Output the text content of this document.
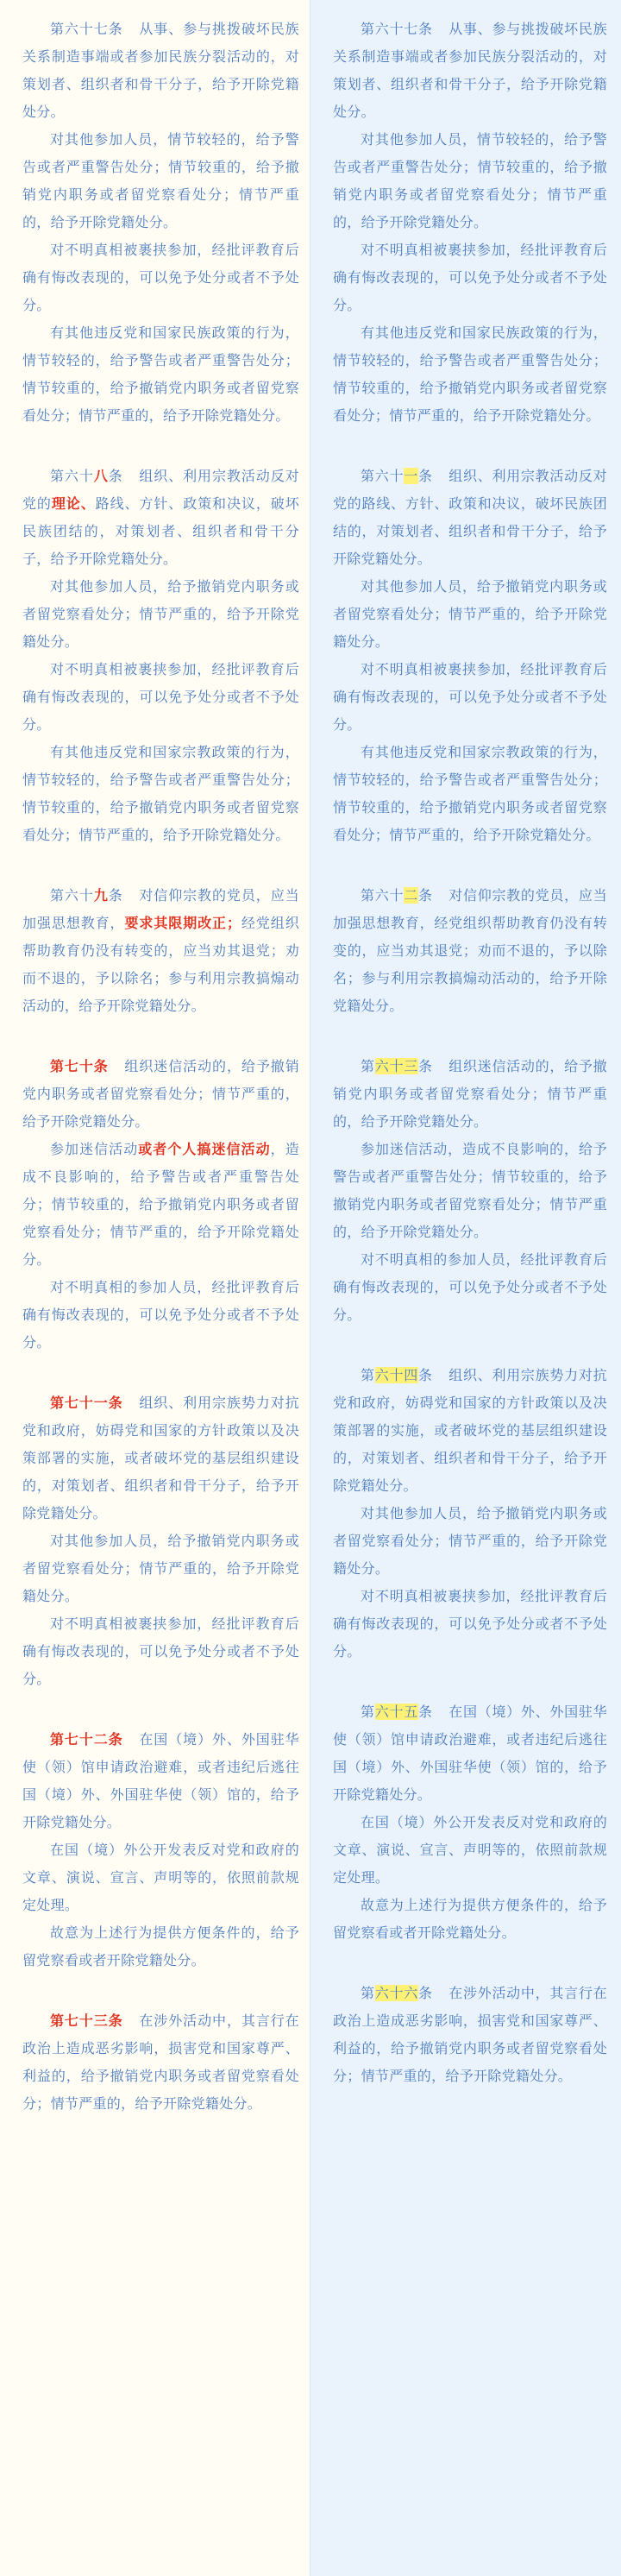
第六十七条 从事、参与挑拨破坏民族关系制造事端或者参加民族分裂活动的，对策划者、组织者和骨干分子，给予开除党籍处分。

对其他参加人员，情节较轻的，给予警告或者严重警告处分；情节较重的，给予撤销党内职务或者留党察看处分；情节严重的，给予开除党籍处分。

对不明真相被裹挟参加，经批评教育后确有悔改表现的，可以免予处分或者不予处分。

有其他违反党和国家民族政策的行为，情节较轻的，给予警告或者严重警告处分；情节较重的，给予撤销党内职务或者留党察看处分；情节严重的，给予开除党籍处分。

第六十八条 组织、利用宗教活动反对党的理论、路线、方针、政策和决议，破坏民族团结的，对策划者、组织者和骨干分子，给予开除党籍处分。

对其他参加人员，给予撤销党内职务或者留党察看处分；情节严重的，给予开除党籍处分。

对不明真相被裹挟参加，经批评教育后确有悔改表现的，可以免予处分或者不予处分。

有其他违反党和国家宗教政策的行为，情节较轻的，给予警告或者严重警告处分；情节较重的，给予撤销党内职务或者留党察看处分；情节严重的，给予开除党籍处分。

第六十九条 对信仰宗教的党员，应当加强思想教育，要求其限期改正；经党组织帮助教育仍没有转变的，应当劝其退党；劝而不退的，予以除名；参与利用宗教搞煽动活动的，给予开除党籍处分。

第七十条 组织迷信活动的，给予撤销党内职务或者留党察看处分；情节严重的，给予开除党籍处分。

参加迷信活动或者个人搞迷信活动，造成不良影响的，给予警告或者严重警告处分；情节较重的，给予撤销党内职务或者留党察看处分；情节严重的，给予开除党籍处分。

对不明真相的参加人员，经批评教育后确有悔改表现的，可以免予处分或者不予处分。

第七十一条 组织、利用宗族势力对抗党和政府，妨碍党和国家的方针政策以及决策部署的实施，或者破坏党的基层组织建设的，对策划者、组织者和骨干分子，给予开除党籍处分。

对其他参加人员，给予撤销党内职务或者留党察看处分；情节严重的，给予开除党籍处分。

对不明真相被裹挟参加，经批评教育后确有悔改表现的，可以免予处分或者不予处分。

第七十二条 在国（境）外、外国驻华使（领）馆申请政治避难，或者违纪后逃往国（境）外、外国驻华使（领）馆的，给予开除党籍处分。

在国（境）外公开发表反对党和政府的文章、演说、宣言、声明等的，依照前款规定处理。

故意为上述行为提供方便条件的，给予留党察看或者开除党籍处分。

第七十三条 在涉外活动中，其言行在政治上造成恶劣影响，损害党和国家尊严、利益的，给予撤销党内职务或者留党察看处分；情节严重的，给予开除党籍处分。

第六十七条 从事、参与挑拨破坏民族关系制造事端或者参加民族分裂活动的，对策划者、组织者和骨干分子，给予开除党籍处分。

对其他参加人员，情节较轻的，给予警告或者严重警告处分；情节较重的，给予撤销党内职务或者留党察看处分；情节严重的，给予开除党籍处分。

对不明真相被裹挟参加，经批评教育后确有悔改表现的，可以免予处分或者不予处分。

有其他违反党和国家民族政策的行为，情节较轻的，给予警告或者严重警告处分；情节较重的，给予撤销党内职务或者留党察看处分；情节严重的，给予开除党籍处分。

第六十一条 组织、利用宗教活动反对党的路线、方针、政策和决议，破坏民族团结的，对策划者、组织者和骨干分子，给予开除党籍处分。

对其他参加人员，给予撤销党内职务或者留党察看处分；情节严重的，给予开除党籍处分。

对不明真相被裹挟参加，经批评教育后确有悔改表现的，可以免予处分或者不予处分。

有其他违反党和国家宗教政策的行为，情节较轻的，给予警告或者严重警告处分；情节较重的，给予撤销党内职务或者留党察看处分；情节严重的，给予开除党籍处分。

第六十二条 对信仰宗教的党员，应当加强思想教育，经党组织帮助教育仍没有转变的，应当劝其退党；劝而不退的，予以除名；参与利用宗教搞煽动活动的，给予开除党籍处分。

第六十三条 组织迷信活动的，给予撤销党内职务或者留党察看处分；情节严重的，给予开除党籍处分。

参加迷信活动，造成不良影响的，给予警告或者严重警告处分；情节较重的，给予撤销党内职务或者留党察看处分；情节严重的，给予开除党籍处分。

对不明真相的参加人员，经批评教育后确有悔改表现的，可以免予处分或者不予处分。

第六十四条 组织、利用宗族势力对抗党和政府，妨碍党和国家的方针政策以及决策部署的实施，或者破坏党的基层组织建设的，对策划者、组织者和骨干分子，给予开除党籍处分。

对其他参加人员，给予撤销党内职务或者留党察看处分；情节严重的，给予开除党籍处分。

对不明真相被裹挟参加，经批评教育后确有悔改表现的，可以免予处分或者不予处分。

第六十五条 在国（境）外、外国驻华使（领）馆申请政治避难，或者违纪后逃往国（境）外、外国驻华使（领）馆的，给予开除党籍处分。

在国（境）外公开发表反对党和政府的文章、演说、宣言、声明等的，依照前款规定处理。

故意为上述行为提供方便条件的，给予留党察看或者开除党籍处分。

第六十六条 在涉外活动中，其言行在政治上造成恶劣影响，损害党和国家尊严、利益的，给予撤销党内职务或者留党察看处分；情节严重的，给予开除党籍处分。
